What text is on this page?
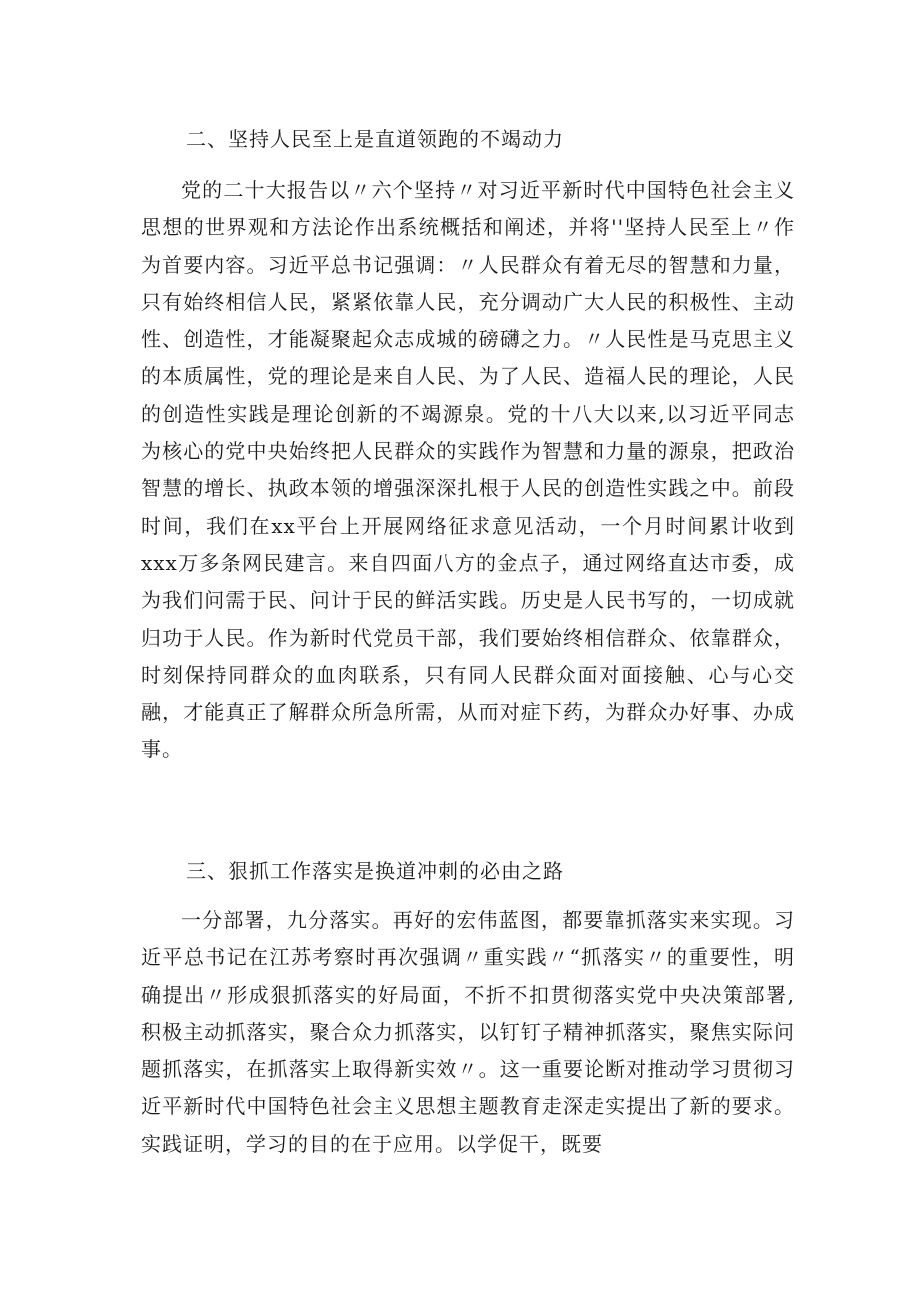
二、坚持人民至上是直道领跑的不竭动力

党的二十大报告以〃六个坚持〃对习近平新时代中国特色社会主义思想的世界观和方法论作出系统概括和阐述，并将''坚持人民至上〃作为首要内容。习近平总书记强调：〃人民群众有着无尽的智慧和力量，只有始终相信人民，紧紧依靠人民，充分调动广大人民的积极性、主动性、创造性，才能凝聚起众志成城的磅礴之力。〃人民性是马克思主义的本质属性，党的理论是来自人民、为了人民、造福人民的理论，人民的创造性实践是理论创新的不竭源泉。党的十八大以来,以习近平同志为核心的党中央始终把人民群众的实践作为智慧和力量的源泉，把政治智慧的增长、执政本领的增强深深扎根于人民的创造性实践之中。前段时间，我们在xx平台上开展网络征求意见活动，一个月时间累计收到xxx万多条网民建言。来自四面八方的金点子，通过网络直达市委，成为我们问需于民、问计于民的鲜活实践。历史是人民书写的，一切成就归功于人民。作为新时代党员干部，我们要始终相信群众、依靠群众，时刻保持同群众的血肉联系，只有同人民群众面对面接触、心与心交融，才能真正了解群众所急所需，从而对症下药，为群众办好事、办成事。

三、狠抓工作落实是换道冲刺的必由之路

一分部署，九分落实。再好的宏伟蓝图，都要靠抓落实来实现。习近平总书记在江苏考察时再次强调〃重实践〃“抓落实〃的重要性，明确提出〃形成狠抓落实的好局面，不折不扣贯彻落实党中央决策部署,积极主动抓落实，聚合众力抓落实，以钉钉子精神抓落实，聚焦实际问题抓落实，在抓落实上取得新实效〃。这一重要论断对推动学习贯彻习近平新时代中国特色社会主义思想主题教育走深走实提出了新的要求。实践证明，学习的目的在于应用。以学促干，既要
